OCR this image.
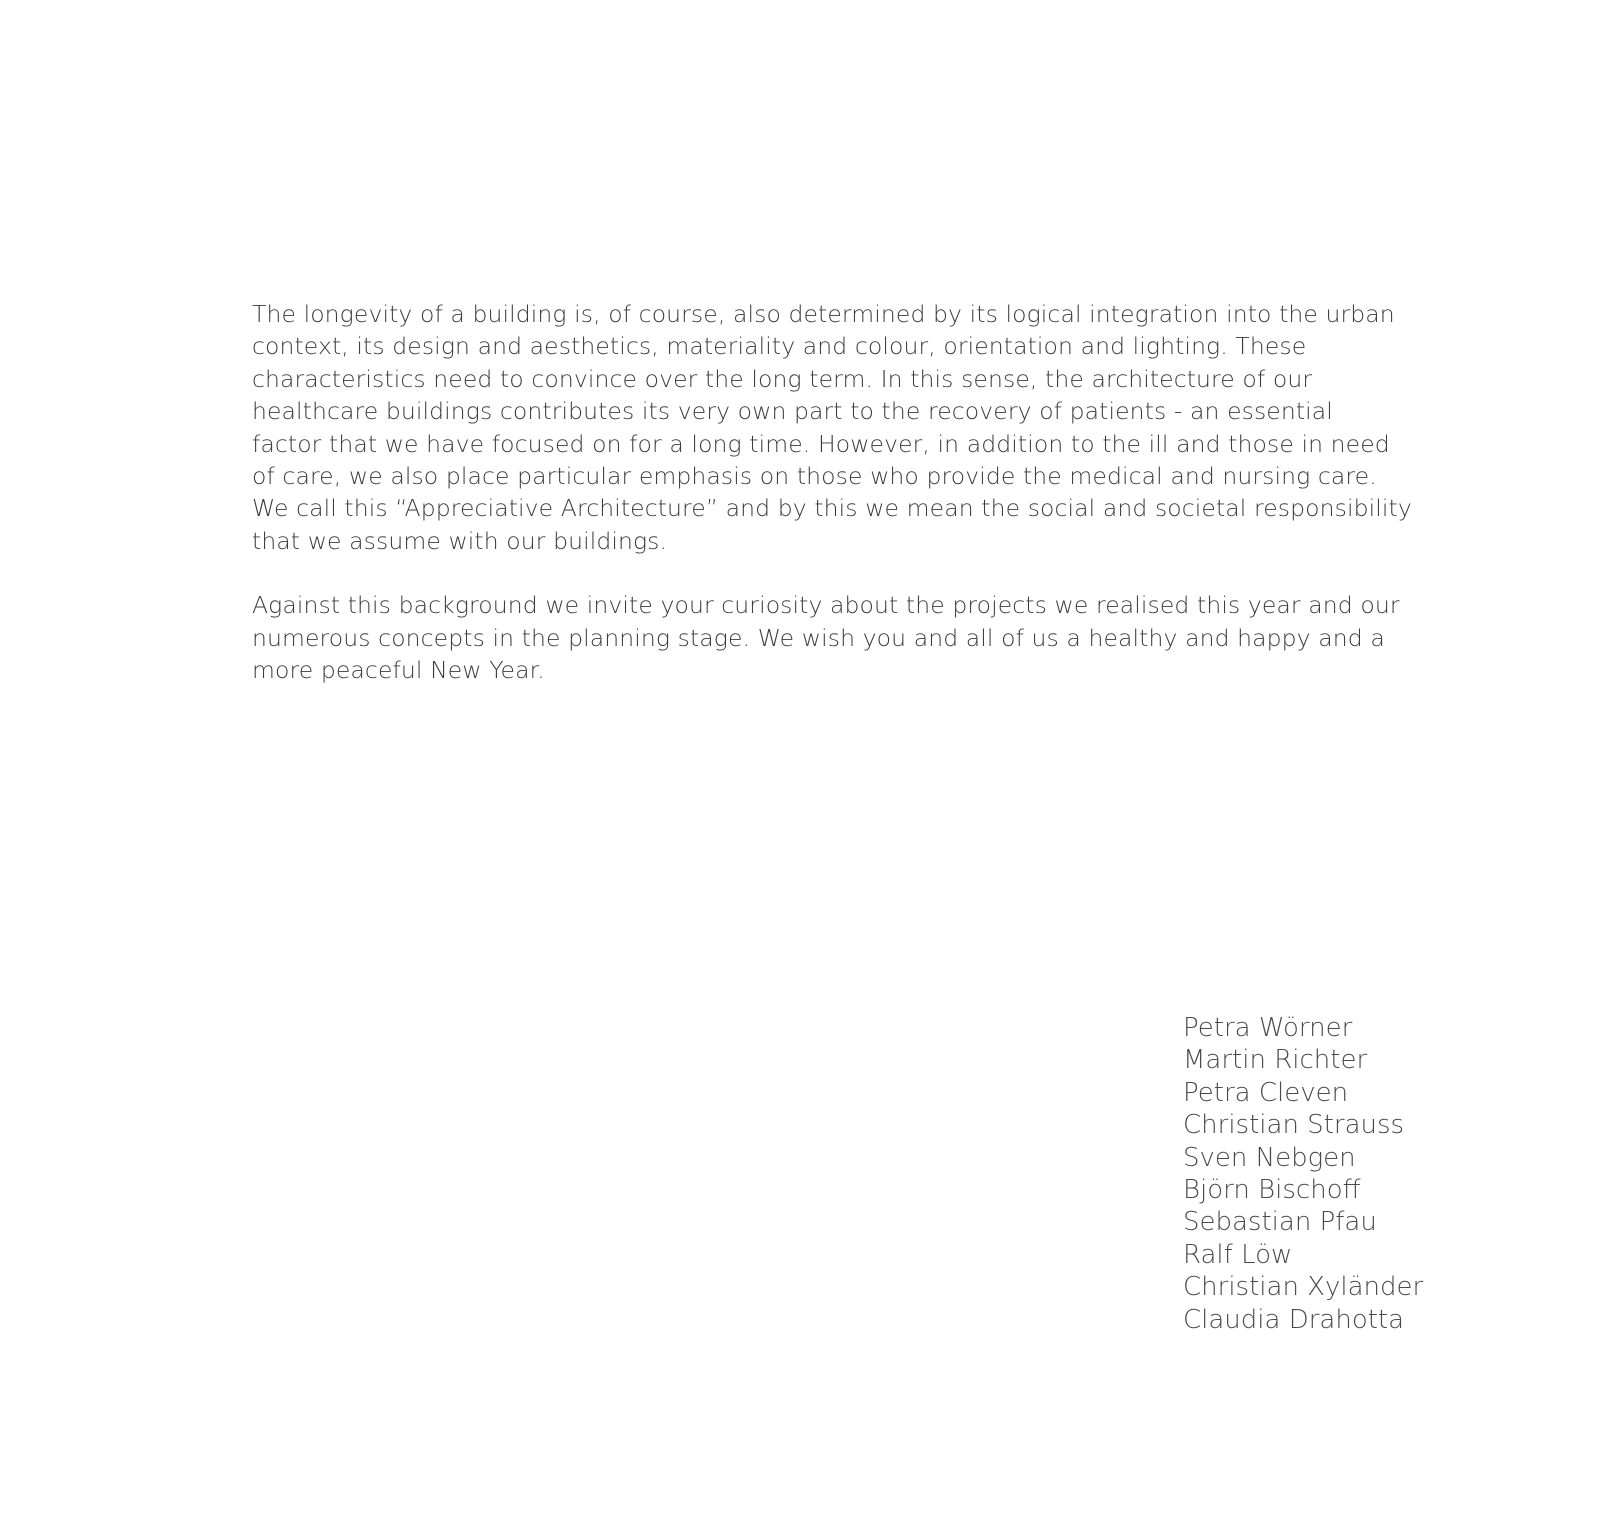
The longevity of a building is, of course, also determined by its logical integration into the urban
context, its design and aesthetics, materiality and colour, orientation and lighting. These
characteristics need to convince over the long term. In this sense, the architecture of our
healthcare buildings contributes its very own part to the recovery of patients - an essential
factor that we have focused on for a long time. However, in addition to the ill and those in need
of care, we also place particular emphasis on those who provide the medical and nursing care.
We call this “Appreciative Architecture” and by this we mean the social and societal responsibility
that we assume with our buildings.
Against this background we invite your curiosity about the projects we realised this year and our
numerous concepts in the planning stage. We wish you and all of us a healthy and happy and a
more peaceful New Year.
Petra Wörner
Martin Richter
Petra Cleven
Christian Strauss
Sven Nebgen
Björn Bischoff
Sebastian Pfau
Ralf Löw
Christian Xyländer
Claudia Drahotta
